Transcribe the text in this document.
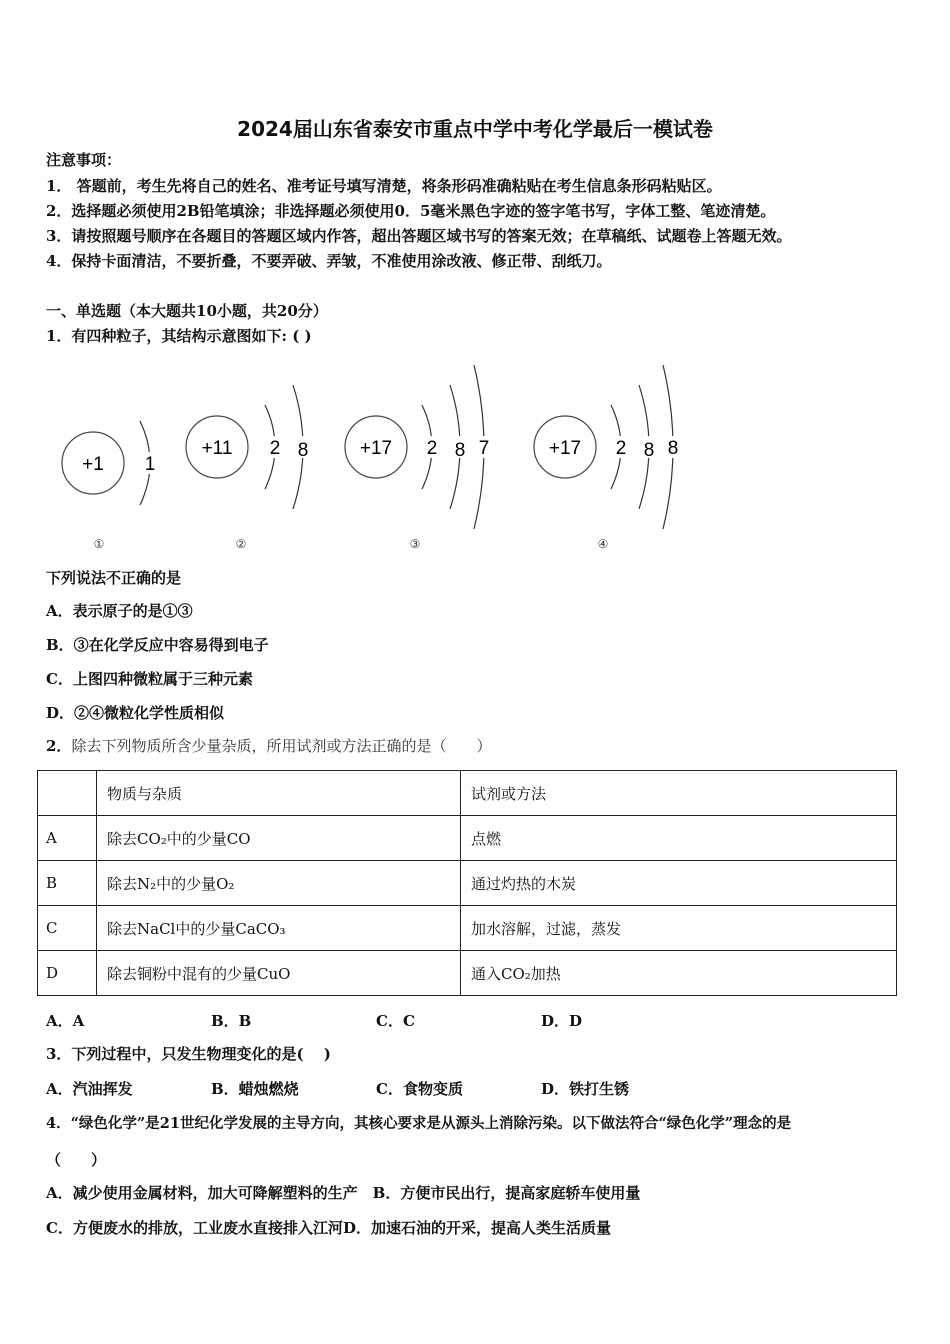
2024届山东省泰安市重点中学中考化学最后一模试卷
注意事项：
1． 答题前，考生先将自己的姓名、准考证号填写清楚，将条形码准确粘贴在考生信息条形码粘贴区。
2．选择题必须使用2B铅笔填涂；非选择题必须使用0．5毫米黑色字迹的签字笔书写，字体工整、笔迹清楚。
3．请按照题号顺序在各题目的答题区域内作答，超出答题区域书写的答案无效；在草稿纸、试题卷上答题无效。
4．保持卡面清洁，不要折叠，不要弄破、弄皱，不准使用涂改液、修正带、刮纸刀。
一、单选题（本大题共10小题，共20分）
1．有四种粒子，其结构示意图如下: ( )
+1 1
①
+11 2 8
②
+17 2 8 7
③
+17 2 8 8
④
下列说法不正确的是
A．表示原子的是①③
B．③在化学反应中容易得到电子
C．上图四种微粒属于三种元素
D．②④微粒化学性质相似
2．除去下列物质所含少量杂质，所用试剂或方法正确的是（　　）
	物质与杂质	试剂或方法
A	除去CO₂中的少量CO	点燃
B	除去N₂中的少量O₂	通过灼热的木炭
C	除去NaCl中的少量CaCO₃	加水溶解，过滤，蒸发
D	除去铜粉中混有的少量CuO	通入CO₂加热
A．A	B．B	C．C	D．D
3．下列过程中，只发生物理变化的是(　 )
A．汽油挥发	B．蜡烛燃烧	C．食物变质	D．铁打生锈
4．“绿色化学”是21世纪化学发展的主导方向，其核心要求是从源头上消除污染。以下做法符合“绿色化学”理念的是
（　　）
A．减少使用金属材料，加大可降解塑料的生产　B．方便市民出行，提高家庭轿车使用量
C．方便废水的排放，工业废水直接排入江河D．加速石油的开采，提高人类生活质量
